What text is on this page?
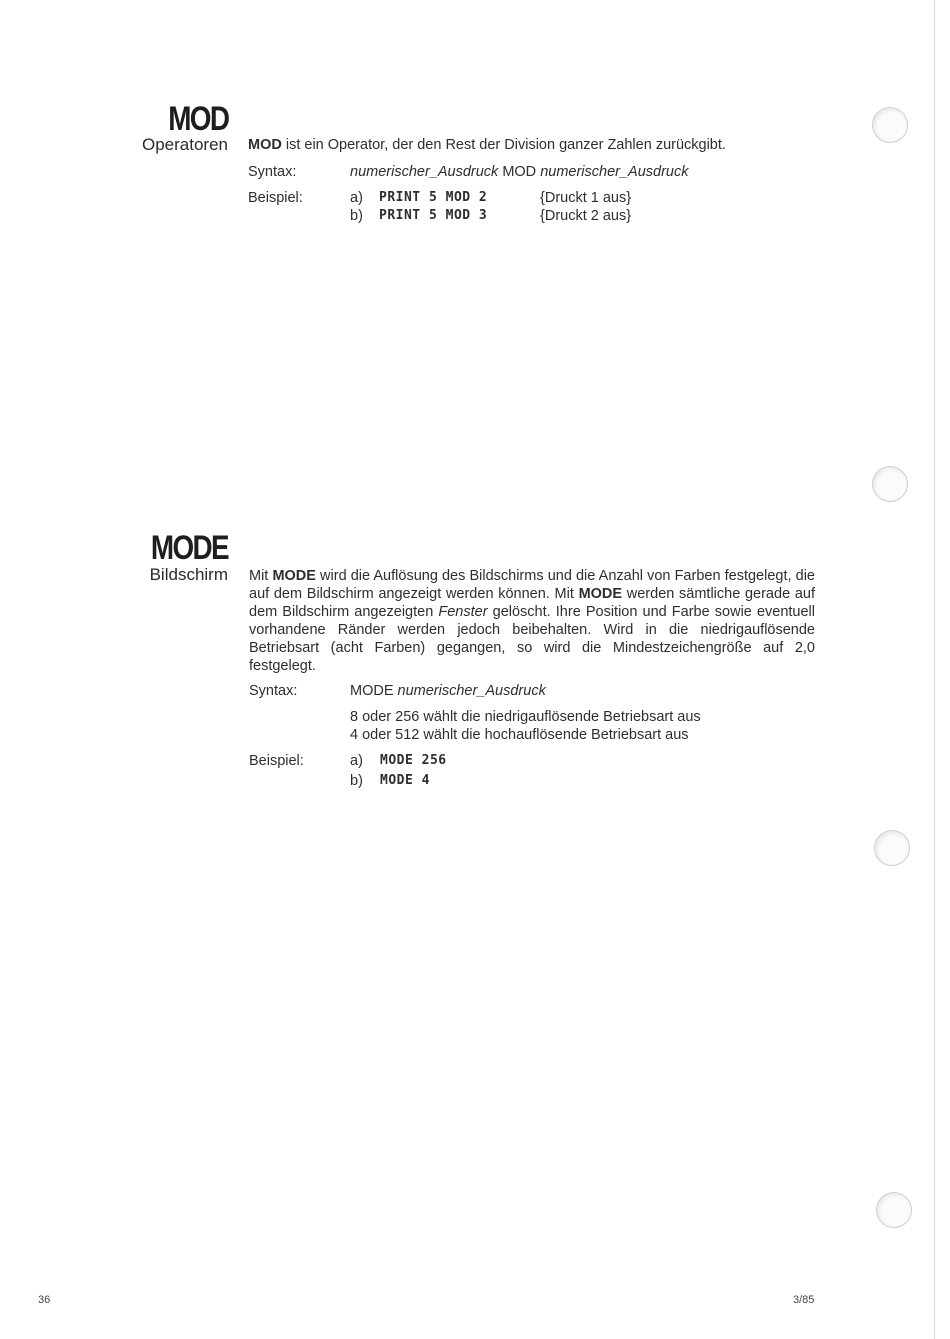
MOD
Operatoren MOD ist ein Operator, der den Rest der Division ganzer Zahlen zurückgibt.
Syntax:	numerischer_Ausdruck MOD numerischer_Ausdruck
Beispiel:	a) PRINT 5 MOD 2	{Druckt 1 aus}
b) PRINT 5 MOD 3	{Druckt 2 aus}
MODE
Bildschirm Mit MODE wird die Auflösung des Bildschirms und die Anzahl von Farben festgelegt, die auf dem Bildschirm angezeigt werden können. Mit MODE werden sämtliche gerade auf dem Bildschirm angezeigten Fenster gelöscht. Ihre Position und Farbe sowie eventuell vorhandene Ränder werden jedoch beibehalten. Wird in die niedrigauflösende Betriebsart (acht Farben) gegangen, so wird die Mindestzeichengröße auf 2,0 festgelegt.
Syntax:	MODE numerischer_Ausdruck
8 oder 256 wählt die niedrigauflösende Betriebsart aus
4 oder 512 wählt die hochauflösende Betriebsart aus
Beispiel:	a) MODE 256
b) MODE 4
36	3/85
